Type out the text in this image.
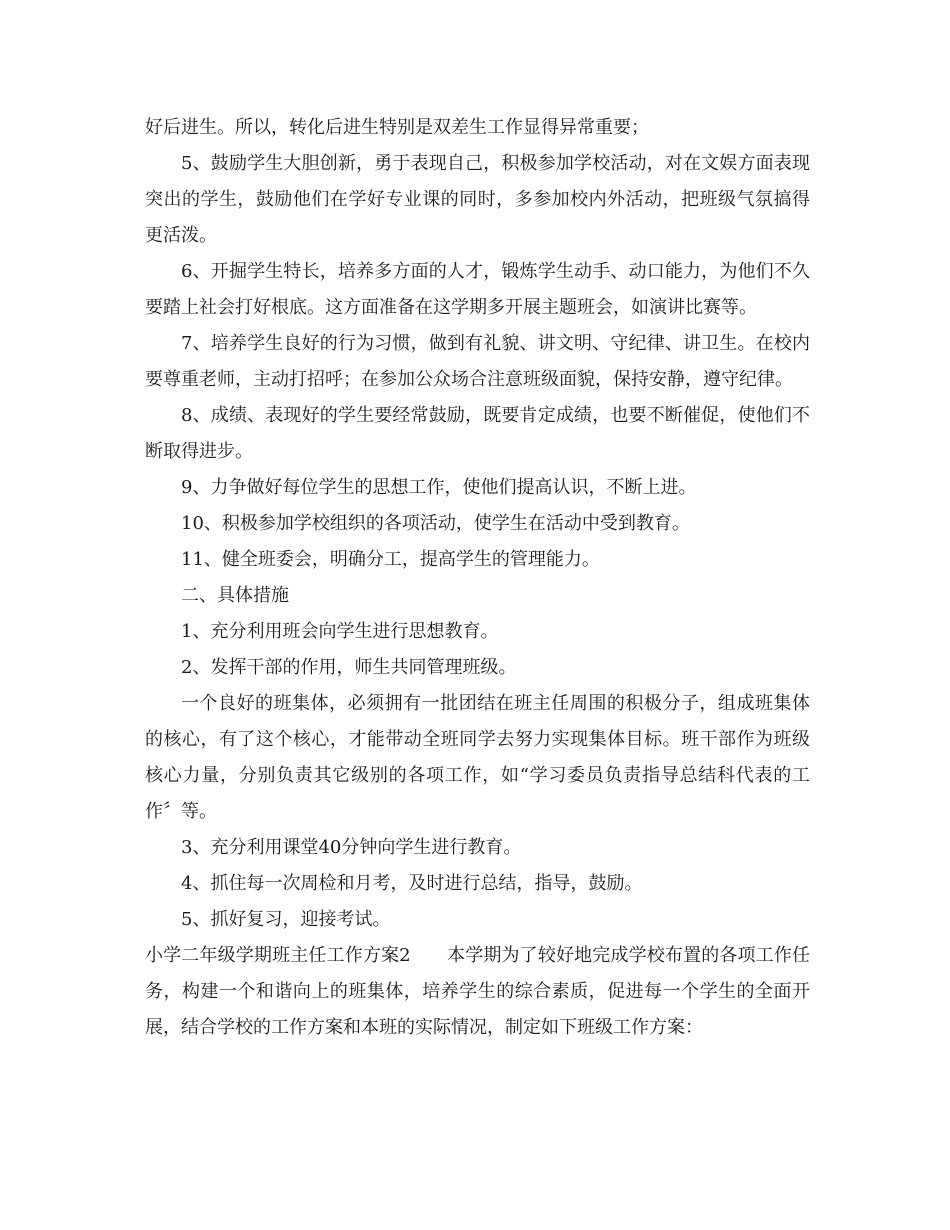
好后进生。所以，转化后进生特别是双差生工作显得异常重要；

5、鼓励学生大胆创新，勇于表现自己，积极参加学校活动，对在文娱方面表现突出的学生，鼓励他们在学好专业课的同时，多参加校内外活动，把班级气氛搞得更活泼。

6、开掘学生特长，培养多方面的人才，锻炼学生动手、动口能力，为他们不久要踏上社会打好根底。这方面准备在这学期多开展主题班会，如演讲比赛等。

7、培养学生良好的行为习惯，做到有礼貌、讲文明、守纪律、讲卫生。在校内要尊重老师，主动打招呼；在参加公众场合注意班级面貌，保持安静，遵守纪律。

8、成绩、表现好的学生要经常鼓励，既要肯定成绩，也要不断催促，使他们不断取得进步。

9、力争做好每位学生的思想工作，使他们提高认识，不断上进。

10、积极参加学校组织的各项活动，使学生在活动中受到教育。

11、健全班委会，明确分工，提高学生的管理能力。

二、具体措施

1、充分利用班会向学生进行思想教育。

2、发挥干部的作用，师生共同管理班级。

一个良好的班集体，必须拥有一批团结在班主任周围的积极分子，组成班集体的核心，有了这个核心，才能带动全班同学去努力实现集体目标。班干部作为班级核心力量，分别负责其它级别的各项工作，如“学习委员负责指导总结科代表的工作〞等。

3、充分利用课堂40分钟向学生进行教育。

4、抓住每一次周检和月考，及时进行总结，指导，鼓励。

5、抓好复习，迎接考试。

小学二年级学期班主任工作方案2　　本学期为了较好地完成学校布置的各项工作任务，构建一个和谐向上的班集体，培养学生的综合素质，促进每一个学生的全面开展，结合学校的工作方案和本班的实际情况，制定如下班级工作方案：
